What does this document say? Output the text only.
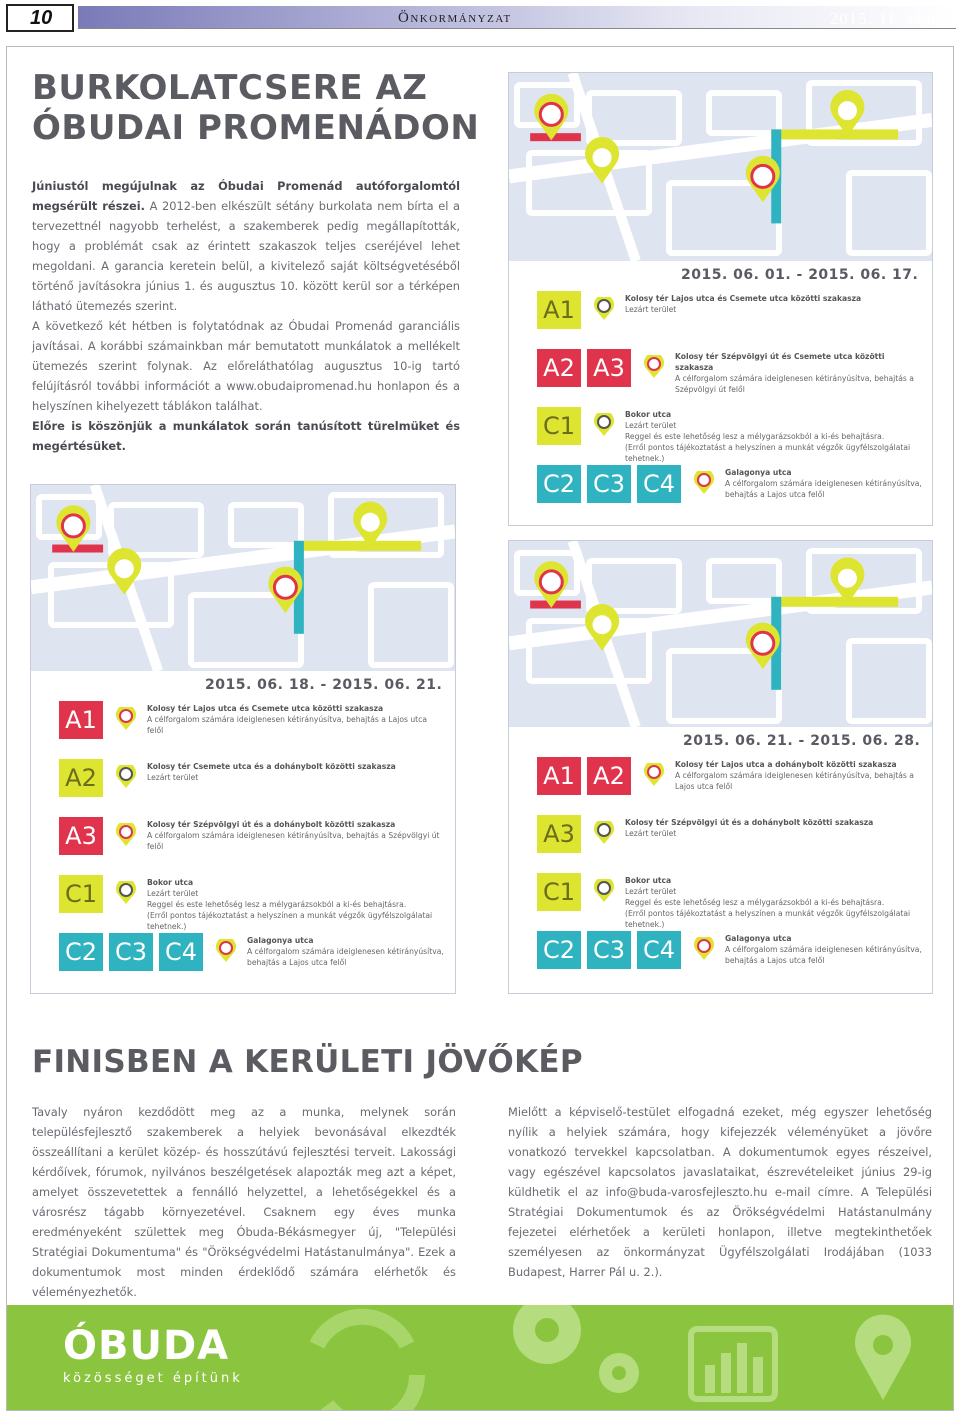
10	Önkormányzat	2015. 11. szám
BURKOLATCSERE AZ
ÓBUDAI PROMENÁDON
Júniustól megújulnak az Óbudai Promenád autóforgalomtól megsérült részei. A 2012-ben elkészült sétány burkolata nem bírta el a tervezettnél nagyobb terhelést, a szakemberek pedig megállapították, hogy a problémát csak az érintett szakaszok teljes cseréjével lehet megoldani. A garancia keretein belül, a kivitelező saját költségvetéséből történő javításokra június 1. és augusztus 10. között kerül sor a térképen látható ütemezés szerint.
A következő két hétben is folytatódnak az Óbudai Promenád garanciális javításai. A korábbi számainkban már bemutatott munkálatok a mellékelt ütemezés szerint folynak. Az előreláthatólag augusztus 10-ig tartó felújításról további információt a www.obudaipromenad.hu honlapon és a helyszínen kihelyezett táblákon találhat.
Előre is köszönjük a munkálatok során tanúsított türelmüket és megértésüket.
2015. 06. 01. - 2015. 06. 17.
A1	Kolosy tér Lajos utca és Csemete utca közötti szakasza
Lezárt terület
A2 A3	Kolosy tér Szépvölgyi út és Csemete utca közötti szakasza
A célforgalom számára ideiglenesen kétirányúsítva, behajtás a Szépvölgyi út felől
C1	Bokor utca
Lezárt terület
Reggel és este lehetőség lesz a mélygarázsokból a ki-és behajtásra.
(Erről pontos tájékoztatást a helyszínen a munkát végzők ügyfélszolgálatai tehetnek.)
C2 C3 C4	Galagonya utca
A célforgalom számára ideiglenesen kétirányúsítva, behajtás a Lajos utca felől
2015. 06. 18. - 2015. 06. 21.
A1	Kolosy tér Lajos utca és Csemete utca közötti szakasza
A célforgalom számára ideiglenesen kétirányúsítva, behajtás a Lajos utca felől
A2	Kolosy tér Csemete utca és a dohánybolt közötti szakasza
Lezárt terület
A3	Kolosy tér Szépvölgyi út és a dohánybolt közötti szakasza
A célforgalom számára ideiglenesen kétirányúsítva, behajtás a Szépvölgyi út felől
C1	Bokor utca
Lezárt terület
Reggel és este lehetőség lesz a mélygarázsokból a ki-és behajtásra.
(Erről pontos tájékoztatást a helyszínen a munkát végzők ügyfélszolgálatai tehetnek.)
C2 C3 C4	Galagonya utca
A célforgalom számára ideiglenesen kétirányúsítva, behajtás a Lajos utca felől
2015. 06. 21. - 2015. 06. 28.
A1 A2	Kolosy tér Lajos utca a dohánybolt közötti szakasza
A célforgalom számára ideiglenesen kétirányúsítva, behajtás a Lajos utca felől
A3	Kolosy tér Szépvölgyi út és a dohánybolt közötti szakasza
Lezárt terület
C1	Bokor utca
Lezárt terület
Reggel és este lehetőség lesz a mélygarázsokból a ki-és behajtásra.
(Erről pontos tájékoztatást a helyszínen a munkát végzők ügyfélszolgálatai tehetnek.)
C2 C3 C4	Galagonya utca
A célforgalom számára ideiglenesen kétirányúsítva, behajtás a Lajos utca felől
FINISBEN A KERÜLETI JÖVŐKÉP
Tavaly nyáron kezdődött meg az a munka, melynek során településfejlesztő szakemberek a helyiek bevonásával elkezdték összeállítani a kerület közép- és hosszútávú fejlesztési terveit. Lakossági kérdőívek, fórumok, nyilvános beszélgetések alapozták meg azt a képet, amelyet összevetettek a fennálló helyzettel, a lehetőségekkel és a városrész tágabb környezetével. Csaknem egy éves munka eredményeként születtek meg Óbuda-Békásmegyer új, "Települési Stratégiai Dokumentuma" és "Örökségvédelmi Hatástanulmánya". Ezek a dokumentumok most minden érdeklődő számára elérhetők és véleményezhetők.
Mielőtt a képviselő-testület elfogadná ezeket, még egyszer lehetőség nyílik a helyiek számára, hogy kifejezzék véleményüket a jövőre vonatkozó tervekkel kapcsolatban. A dokumentumok egyes részeivel, vagy egészével kapcsolatos javaslataikat, észrevételeiket június 29-ig küldhetik el az info@buda-varosfejleszto.hu e-mail címre. A Települési Stratégiai Dokumentumok és az Örökségvédelmi Hatástanulmány fejezetei elérhetőek a kerületi honlapon, illetve megtekinthetőek személyesen az önkormányzat Ügyfélszolgálati Irodájában (1033 Budapest, Harrer Pál u. 2.).
ÓBUDA
közösséget építünk
